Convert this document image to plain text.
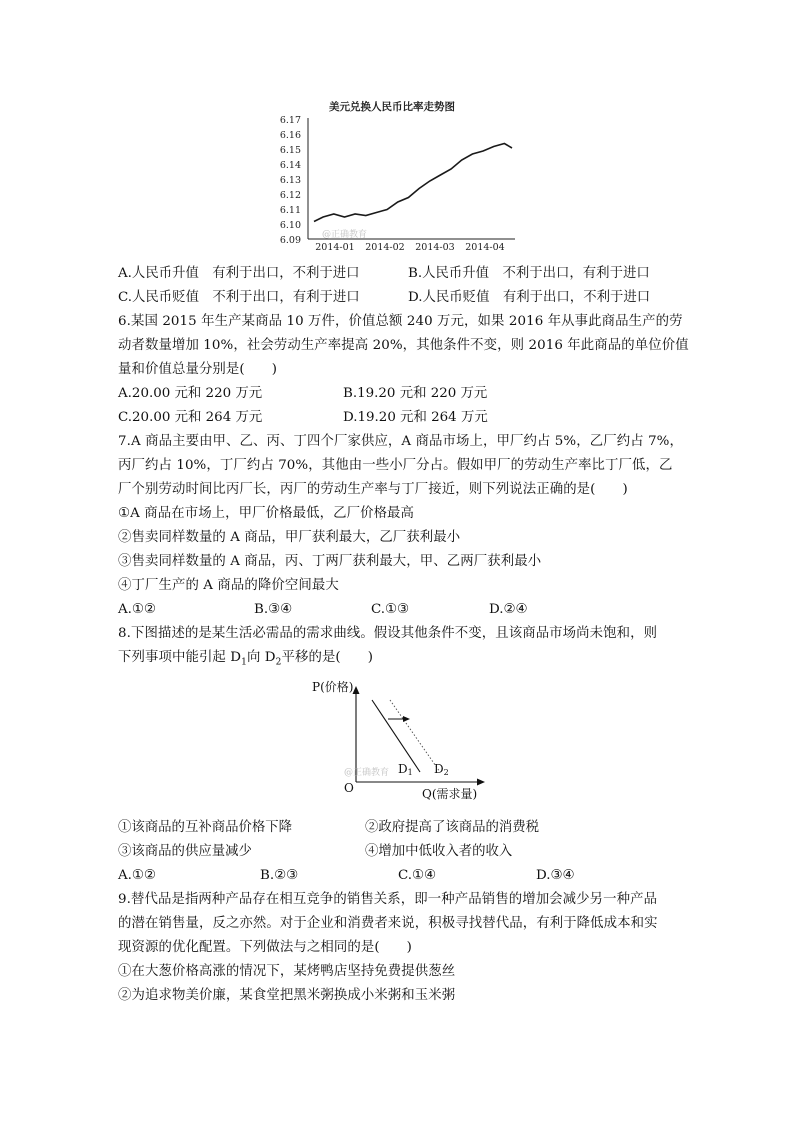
美元兑换人民币比率走势图
6.17
6.16
6.15
6.14
6.13
6.12
6.11
6.10
6.09
2014-01 2014-02 2014-03 2014-04
@正确教育
A.人民币升值　有利于出口，不利于进口	B.人民币升值　不利于出口，有利于进口
C.人民币贬值　不利于出口，有利于进口	D.人民币贬值　有利于出口，不利于进口
6.某国 2015 年生产某商品 10 万件，价值总额 240 万元，如果 2016 年从事此商品生产的劳
动者数量增加 10%，社会劳动生产率提高 20%，其他条件不变，则 2016 年此商品的单位价值
量和价值总量分别是(　　)
A.20.00 元和 220 万元	B.19.20 元和 220 万元
C.20.00 元和 264 万元	D.19.20 元和 264 万元
7.A 商品主要由甲、乙、丙、丁四个厂家供应，A 商品市场上，甲厂约占 5%，乙厂约占 7%，
丙厂约占 10%，丁厂约占 70%，其他由一些小厂分占。假如甲厂的劳动生产率比丁厂低，乙
厂个别劳动时间比丙厂长，丙厂的劳动生产率与丁厂接近，则下列说法正确的是(　　)
①A 商品在市场上，甲厂价格最低，乙厂价格最高
②售卖同样数量的 A 商品，甲厂获利最大，乙厂获利最小
③售卖同样数量的 A 商品，丙、丁两厂获利最大，甲、乙两厂获利最小
④丁厂生产的 A 商品的降价空间最大
A.①②	B.③④	C.①③	D.②④
8.下图描述的是某生活必需品的需求曲线。假设其他条件不变，且该商品市场尚未饱和，则
下列事项中能引起 $D_1$向 $D_2$平移的是(　　)
P(价格)
O	Q(需求量)
@正确教育 D1 D2
①该商品的互补商品价格下降	②政府提高了该商品的消费税
③该商品的供应量减少	④增加中低收入者的收入
A.①②	B.②③	C.①④	D.③④
9.替代品是指两种产品存在相互竞争的销售关系，即一种产品销售的增加会减少另一种产品
的潜在销售量，反之亦然。对于企业和消费者来说，积极寻找替代品，有利于降低成本和实
现资源的优化配置。下列做法与之相同的是(　　)
①在大葱价格高涨的情况下，某烤鸭店坚持免费提供葱丝
②为追求物美价廉，某食堂把黑米粥换成小米粥和玉米粥
